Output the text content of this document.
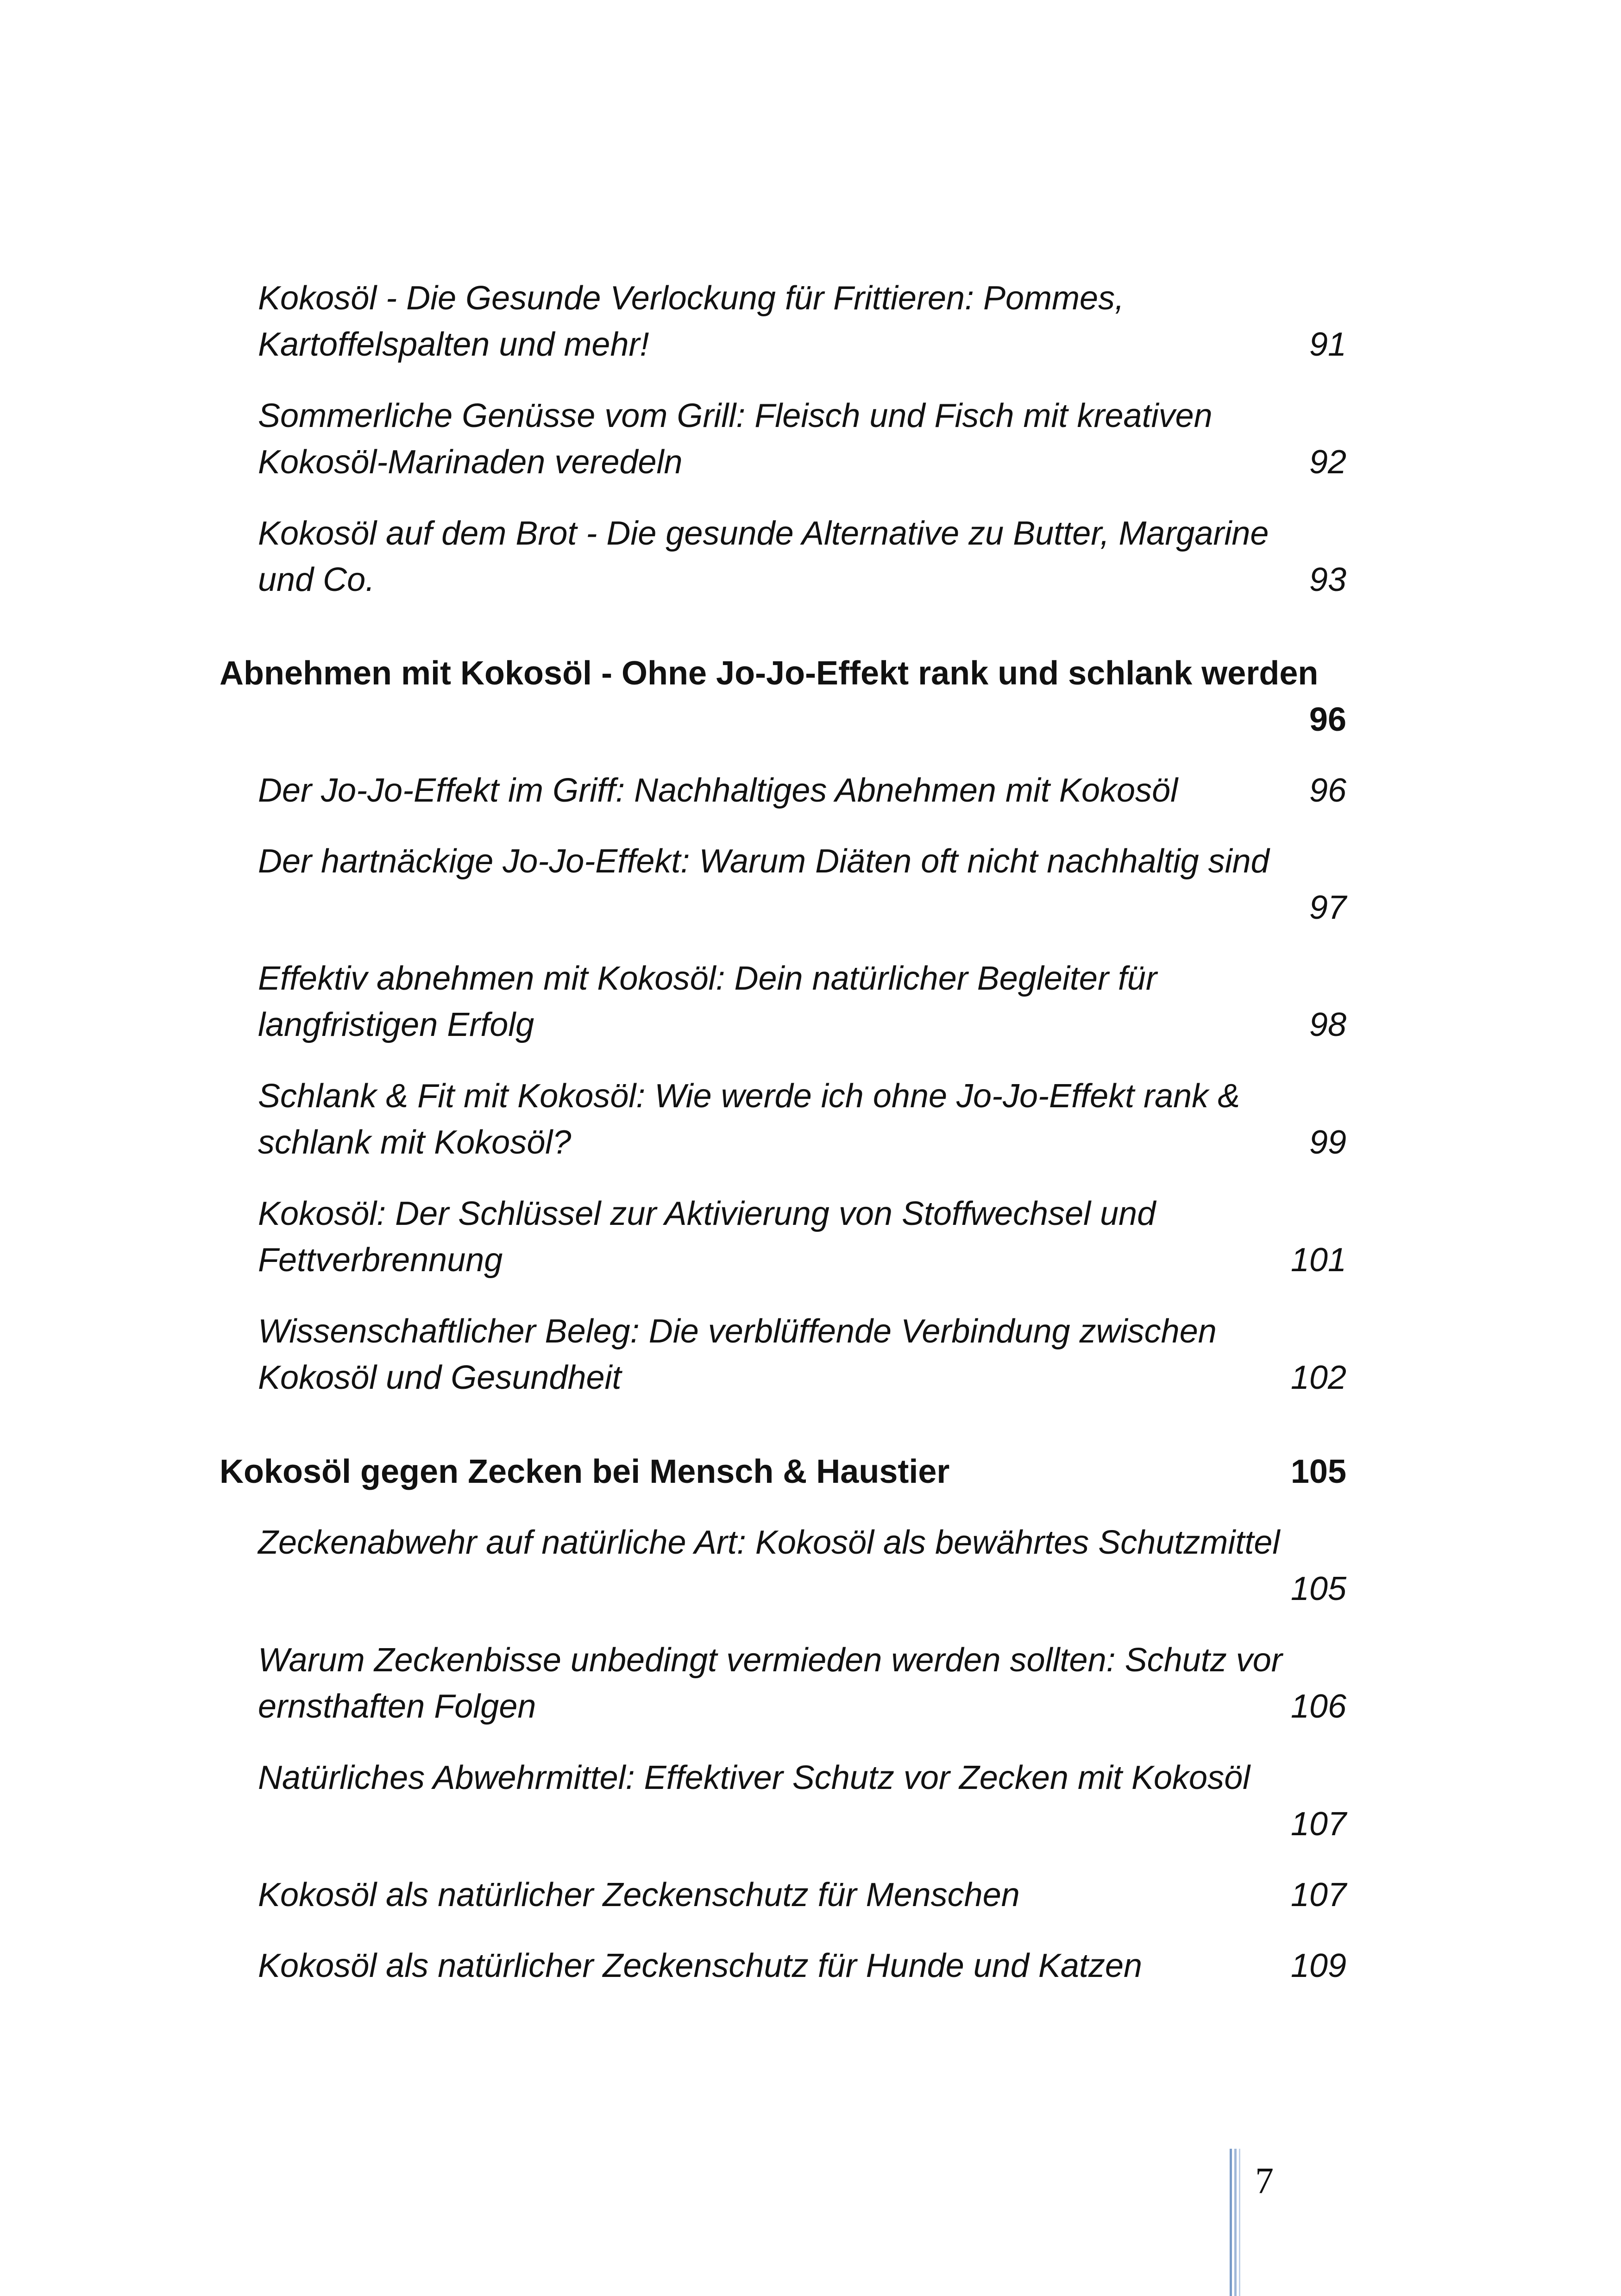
Kokosöl - Die Gesunde Verlockung für Frittieren: Pommes,
Kartoffelspalten und mehr!	91
Sommerliche Genüsse vom Grill: Fleisch und Fisch mit kreativen
Kokosöl-Marinaden veredeln	92
Kokosöl auf dem Brot - Die gesunde Alternative zu Butter, Margarine
und Co.	93
Abnehmen mit Kokosöl - Ohne Jo-Jo-Effekt rank und schlank werden
96
Der Jo-Jo-Effekt im Griff: Nachhaltiges Abnehmen mit Kokosöl	96
Der hartnäckige Jo-Jo-Effekt: Warum Diäten oft nicht nachhaltig sind
97
Effektiv abnehmen mit Kokosöl: Dein natürlicher Begleiter für
langfristigen Erfolg	98
Schlank & Fit mit Kokosöl: Wie werde ich ohne Jo-Jo-Effekt rank &
schlank mit Kokosöl?	99
Kokosöl: Der Schlüssel zur Aktivierung von Stoffwechsel und
Fettverbrennung	101
Wissenschaftlicher Beleg: Die verblüffende Verbindung zwischen
Kokosöl und Gesundheit	102
Kokosöl gegen Zecken bei Mensch & Haustier	105
Zeckenabwehr auf natürliche Art: Kokosöl als bewährtes Schutzmittel
105
Warum Zeckenbisse unbedingt vermieden werden sollten: Schutz vor
ernsthaften Folgen	106
Natürliches Abwehrmittel: Effektiver Schutz vor Zecken mit Kokosöl
107
Kokosöl als natürlicher Zeckenschutz für Menschen	107
Kokosöl als natürlicher Zeckenschutz für Hunde und Katzen	109
7
